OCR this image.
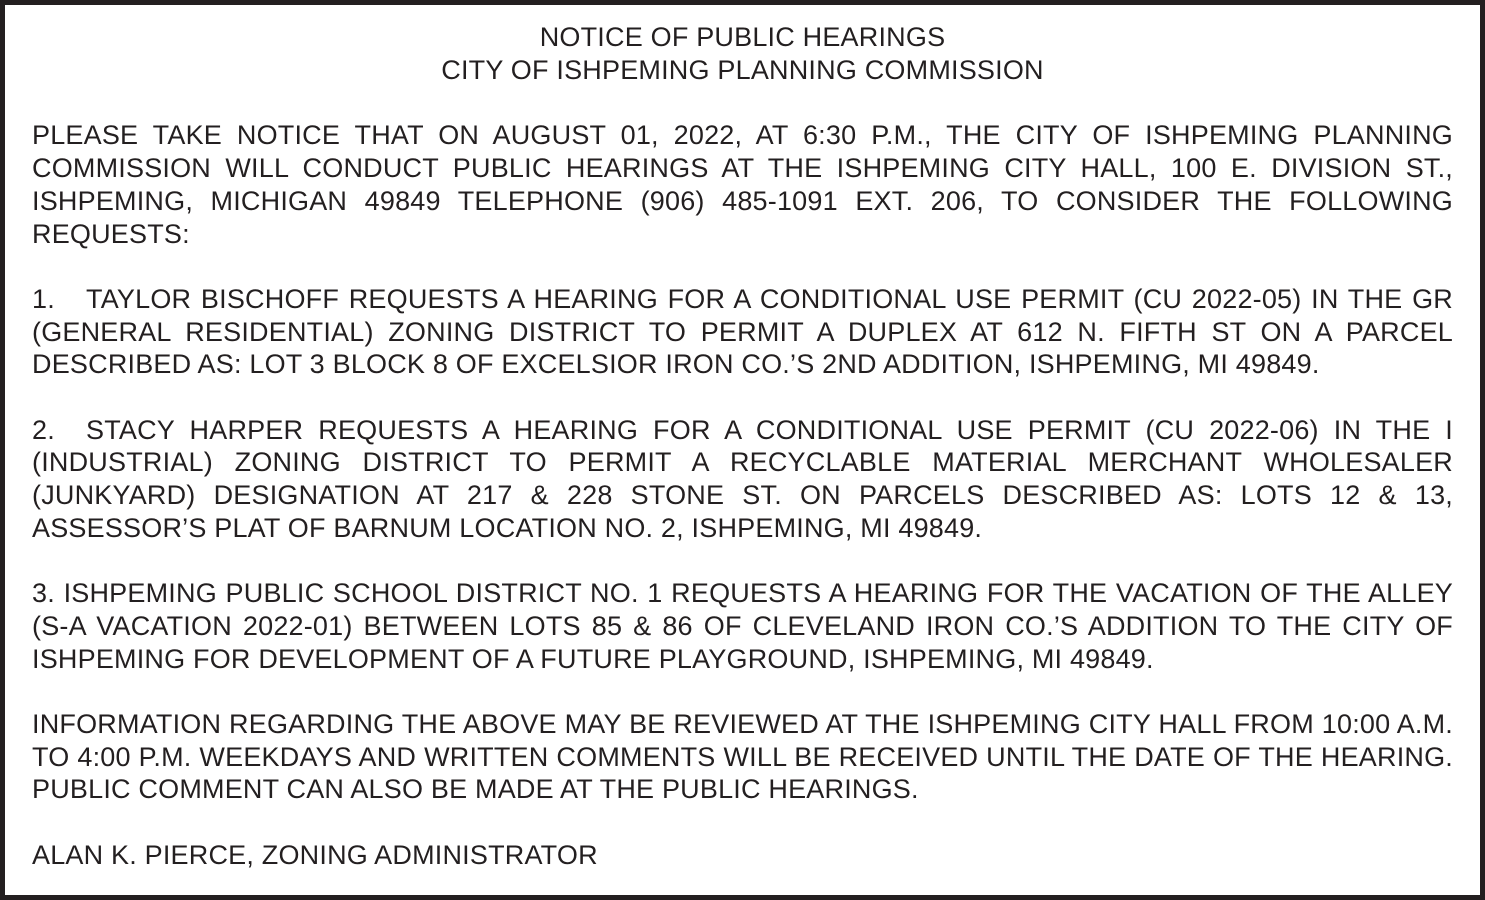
NOTICE OF PUBLIC HEARINGS
CITY OF ISHPEMING PLANNING COMMISSION
PLEASE TAKE NOTICE THAT ON AUGUST 01, 2022, AT 6:30 P.M., THE CITY OF ISHPEMING PLANNING COMMISSION WILL CONDUCT PUBLIC HEARINGS AT THE ISHPEMING CITY HALL, 100 E. DIVISION ST., ISHPEMING, MICHIGAN 49849 TELEPHONE (906) 485-1091 EXT. 206, TO CONSIDER THE FOLLOWING REQUESTS:
1. TAYLOR BISCHOFF REQUESTS A HEARING FOR A CONDITIONAL USE PERMIT (CU 2022-05) IN THE GR (GENERAL RESIDENTIAL) ZONING DISTRICT TO PERMIT A DUPLEX AT 612 N. FIFTH ST ON A PARCEL DESCRIBED AS: LOT 3 BLOCK 8 OF EXCELSIOR IRON CO.’S 2ND ADDITION, ISHPEMING, MI 49849.
2. STACY HARPER REQUESTS A HEARING FOR A CONDITIONAL USE PERMIT (CU 2022-06) IN THE I (INDUSTRIAL) ZONING DISTRICT TO PERMIT A RECYCLABLE MATERIAL MERCHANT WHOLESALER (JUNKYARD) DESIGNATION AT 217 & 228 STONE ST. ON PARCELS DESCRIBED AS: LOTS 12 & 13, ASSESSOR’S PLAT OF BARNUM LOCATION NO. 2, ISHPEMING, MI 49849.
3. ISHPEMING PUBLIC SCHOOL DISTRICT NO. 1 REQUESTS A HEARING FOR THE VACATION OF THE ALLEY (S-A VACATION 2022-01) BETWEEN LOTS 85 & 86 OF CLEVELAND IRON CO.’S ADDITION TO THE CITY OF ISHPEMING FOR DEVELOPMENT OF A FUTURE PLAYGROUND, ISHPEMING, MI 49849.
INFORMATION REGARDING THE ABOVE MAY BE REVIEWED AT THE ISHPEMING CITY HALL FROM 10:00 A.M. TO 4:00 P.M. WEEKDAYS AND WRITTEN COMMENTS WILL BE RECEIVED UNTIL THE DATE OF THE HEARING. PUBLIC COMMENT CAN ALSO BE MADE AT THE PUBLIC HEARINGS.
ALAN K. PIERCE, ZONING ADMINISTRATOR
